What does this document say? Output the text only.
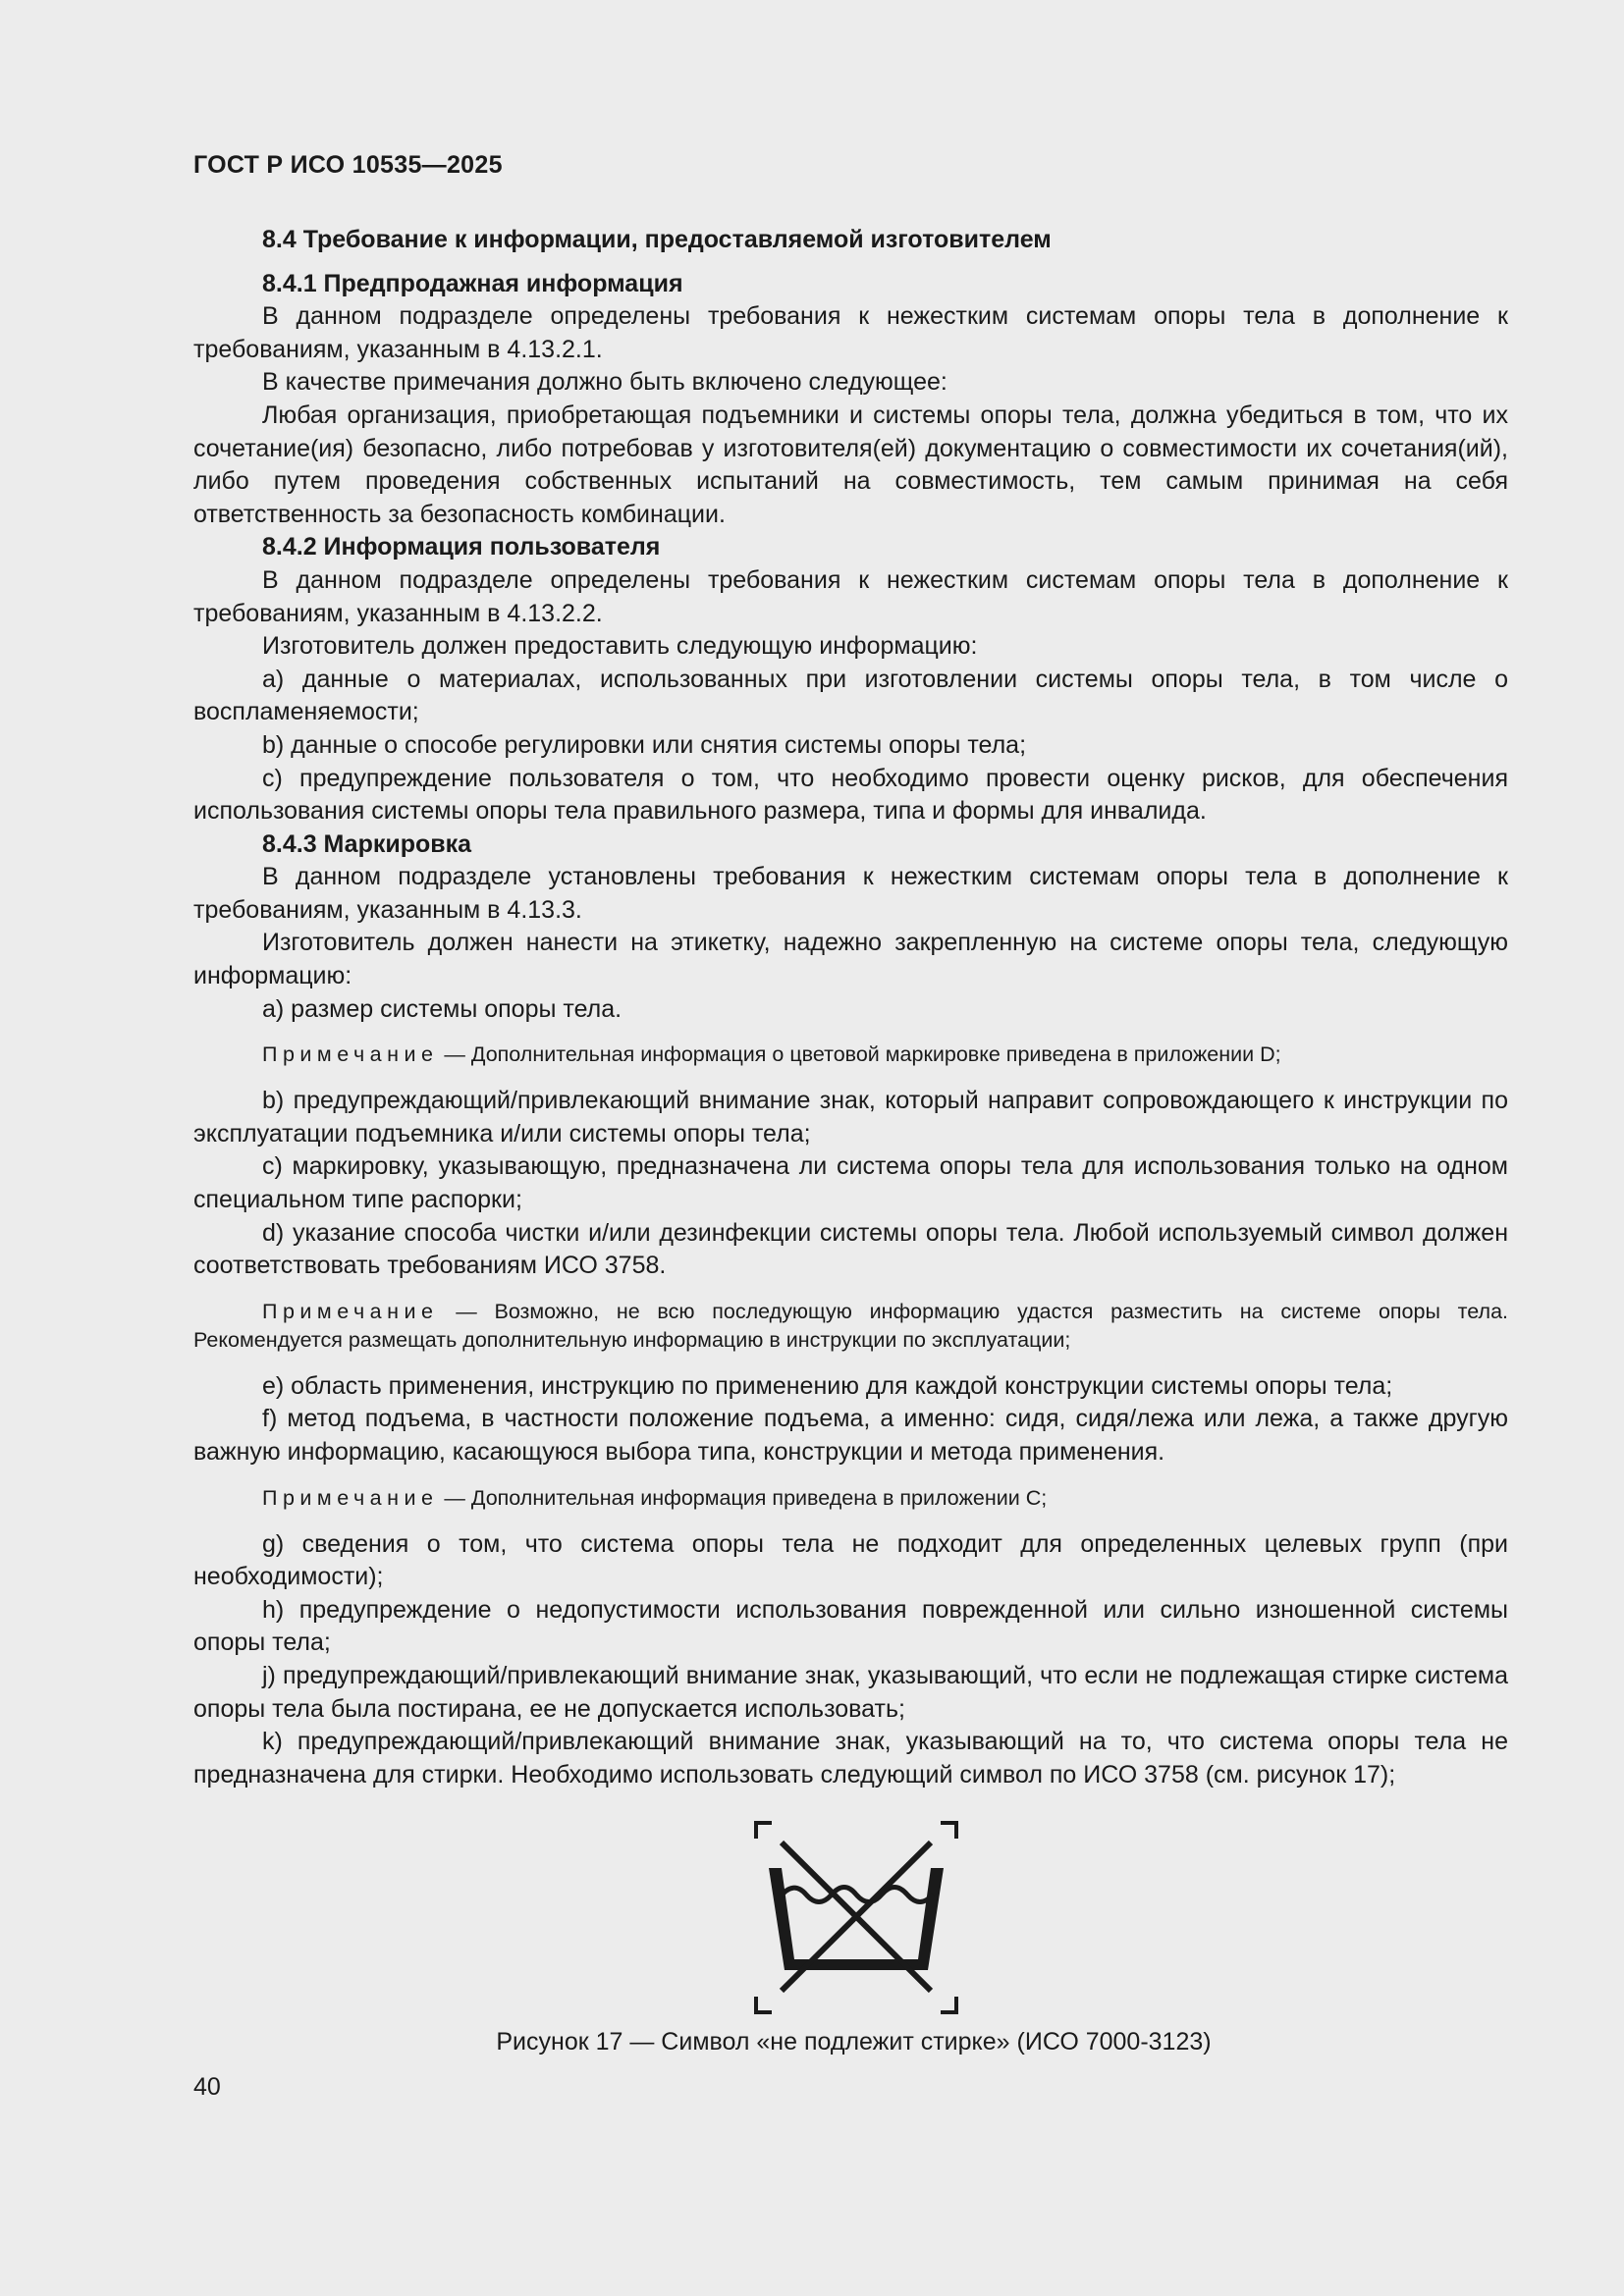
ГОСТ Р ИСО 10535—2025
8.4 Требование к информации, предоставляемой изготовителем
8.4.1 Предпродажная информация

В данном подразделе определены требования к нежестким системам опоры тела в дополнение к требованиям, указанным в 4.13.2.1.

В качестве примечания должно быть включено следующее:

Любая организация, приобретающая подъемники и системы опоры тела, должна убедиться в том, что их сочетание(ия) безопасно, либо потребовав у изготовителя(ей) документацию о совместимости их сочетания(ий), либо путем проведения собственных испытаний на совместимость, тем самым принимая на себя ответственность за безопасность комбинации.

8.4.2 Информация пользователя

В данном подразделе определены требования к нежестким системам опоры тела в дополнение к требованиям, указанным в 4.13.2.2.

Изготовитель должен предоставить следующую информацию:

a) данные о материалах, использованных при изготовлении системы опоры тела, в том числе о воспламеняемости;

b) данные о способе регулировки или снятия системы опоры тела;

c) предупреждение пользователя о том, что необходимо провести оценку рисков, для обеспечения использования системы опоры тела правильного размера, типа и формы для инвалида.

8.4.3 Маркировка

В данном подразделе установлены требования к нежестким системам опоры тела в дополнение к требованиям, указанным в 4.13.3.

Изготовитель должен нанести на этикетку, надежно закрепленную на системе опоры тела, следующую информацию:

a) размер системы опоры тела.

Примечание — Дополнительная информация о цветовой маркировке приведена в приложении D;

b) предупреждающий/привлекающий внимание знак, который направит сопровождающего к инструкции по эксплуатации подъемника и/или системы опоры тела;

c) маркировку, указывающую, предназначена ли система опоры тела для использования только на одном специальном типе распорки;

d) указание способа чистки и/или дезинфекции системы опоры тела. Любой используемый символ должен соответствовать требованиям ИСО 3758.

Примечание — Возможно, не всю последующую информацию удастся разместить на системе опоры тела. Рекомендуется размещать дополнительную информацию в инструкции по эксплуатации;

e) область применения, инструкцию по применению для каждой конструкции системы опоры тела;

f) метод подъема, в частности положение подъема, а именно: сидя, сидя/лежа или лежа, а также другую важную информацию, касающуюся выбора типа, конструкции и метода применения.

Примечание — Дополнительная информация приведена в приложении C;

g) сведения о том, что система опоры тела не подходит для определенных целевых групп (при необходимости);

h) предупреждение о недопустимости использования поврежденной или сильно изношенной системы опоры тела;

j) предупреждающий/привлекающий внимание знак, указывающий, что если не подлежащая стирке система опоры тела была постирана, ее не допускается использовать;

k) предупреждающий/привлекающий внимание знак, указывающий на то, что система опоры тела не предназначена для стирки. Необходимо использовать следующий символ по ИСО 3758 (см. рисунок 17);

Рисунок 17 — Символ «не подлежит стирке» (ИСО 7000-3123)
40
